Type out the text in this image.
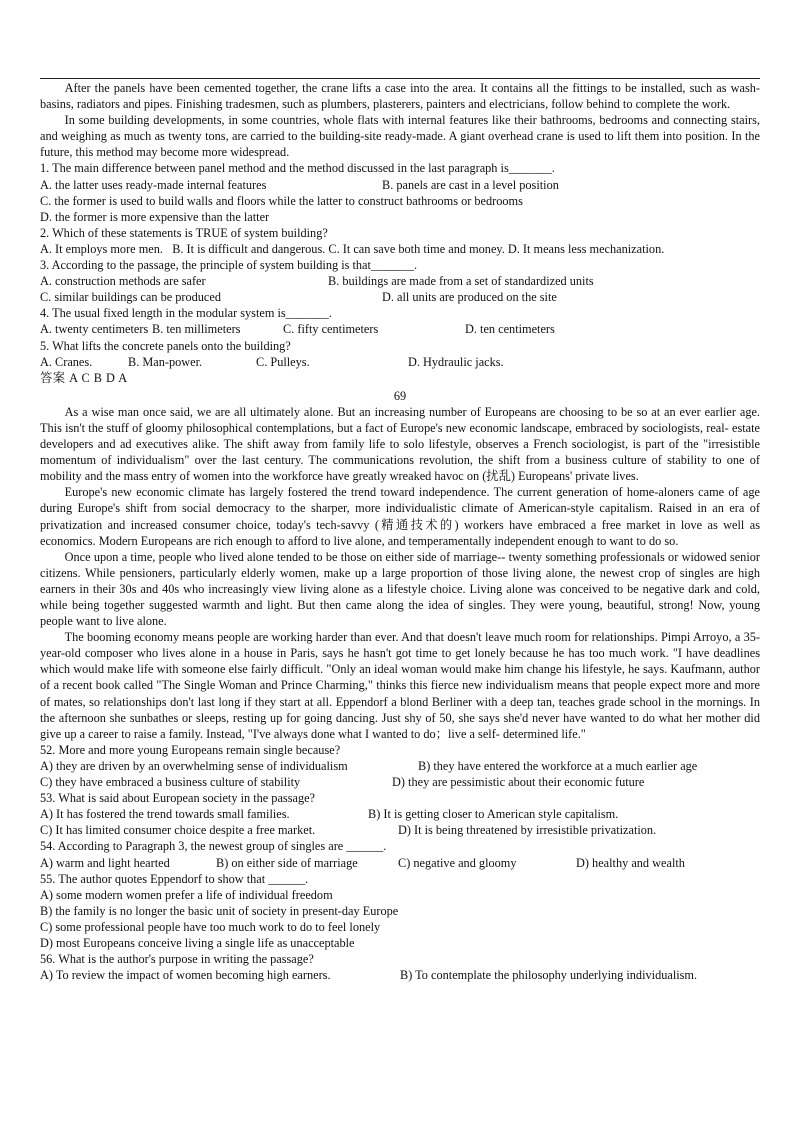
After the panels have been cemented together, the crane lifts a case into the area. It contains all the fittings to be installed, such as wash-basins, radiators and pipes. Finishing tradesmen, such as plumbers, plasterers, painters and electricians, follow behind to complete the work.

In some building developments, in some countries, whole flats with internal features like their bathrooms, bedrooms and connecting stairs, and weighing as much as twenty tons, are carried to the building-site ready-made. A giant overhead crane is used to lift them into position. In the future, this method may become more widespread.

1. The main difference between panel method and the method discussed in the last paragraph is_______.

A. the latter uses ready-made internal features	B. panels are cast in a level position

C. the former is used to build walls and floors while the latter to construct bathrooms or bedrooms

D. the former is more expensive than the latter

2. Which of these statements is TRUE of system building?

A. It employs more men.
B. It is difficult and dangerous.
C. It can save both time and money.
D. It means less mechanization.

3. According to the passage, the principle of system building is that_______.

A. construction methods are safer	B. buildings are made from a set of standardized units
C. similar buildings can be produced	D. all units are produced on the site

4. The usual fixed length in the modular system is_______.

A. twenty centimeters B. ten millimeters	C. fifty centimeters	D. ten centimeters

5. What lifts the concrete panels onto the building?

A. Cranes.	B. Man-power.	C. Pulleys.	D. Hydraulic jacks.

答案 A C B D A

69

As a wise man once said, we are all ultimately alone. But an increasing number of Europeans are choosing to be so at an ever earlier age. This isn't the stuff of gloomy philosophical contemplations, but a fact of Europe's new economic landscape, embraced by sociologists, real- estate developers and ad executives alike. The shift away from family life to solo lifestyle, observes a French sociologist, is part of the "irresistible momentum of individualism" over the last century. The communications revolution, the shift from a business culture of stability to one of mobility and the mass entry of women into the workforce have greatly wreaked havoc on (扰乱) Europeans' private lives.

Europe's new economic climate has largely fostered the trend toward independence. The current generation of home-aloners came of age during Europe's shift from social democracy to the sharper, more individualistic climate of American-style capitalism. Raised in an era of privatization and increased consumer choice, today's tech-savvy (精通技术的) workers have embraced a free market in love as well as economics. Modern Europeans are rich enough to afford to live alone, and temperamentally independent enough to want to do so.

Once upon a time, people who lived alone tended to be those on either side of marriage-- twenty something professionals or widowed senior citizens. While pensioners, particularly elderly women, make up a large proportion of those living alone, the newest crop of singles are high earners in their 30s and 40s who increasingly view living alone as a lifestyle choice. Living alone was conceived to be negative dark and cold, while being together suggested warmth and light. But then came along the idea of singles. They were young, beautiful, strong! Now, young people want to live alone.

The booming economy means people are working harder than ever. And that doesn't leave much room for relationships. Pimpi Arroyo, a 35-year-old composer who lives alone in a house in Paris, says he hasn't got time to get lonely because he has too much work. "I have deadlines which would make life with someone else fairly difficult. "Only an ideal woman would make him change his lifestyle, he says. Kaufmann, author of a recent book called "The Single Woman and Prince Charming," thinks this fierce new individualism means that people expect more and more of mates, so relationships don't last long if they start at all. Eppendorf a blond Berliner with a deep tan, teaches grade school in the mornings. In the afternoon she sunbathes or sleeps, resting up for going dancing. Just shy of 50, she says she'd never have wanted to do what her mother did give up a career to raise a family. Instead, "I've always done what I wanted to do；live a self- determined life."

52. More and more young Europeans remain single because?

A) they are driven by an overwhelming sense of individualism	B) they have entered the workforce at a much earlier age
C) they have embraced a business culture of stability	D) they are pessimistic about their economic future

53. What is said about European society in the passage?

A) It has fostered the trend towards small families.	B) It is getting closer to American style capitalism.
C) It has limited consumer choice despite a free market.	D) It is being threatened by irresistible privatization.

54. According to Paragraph 3, the newest group of singles are ______.

A) warm and light hearted	B) on either side of marriage	C) negative and gloomy	D) healthy and wealth

55. The author quotes Eppendorf to show that ______.

A) some modern women prefer a life of individual freedom

B) the family is no longer the basic unit of society in present-day Europe

C) some professional people have too much work to do to feel lonely

D) most Europeans conceive living a single life as unacceptable

56. What is the author's purpose in writing the passage?

A) To review the impact of women becoming high earners.	B) To contemplate the philosophy underlying individualism.
